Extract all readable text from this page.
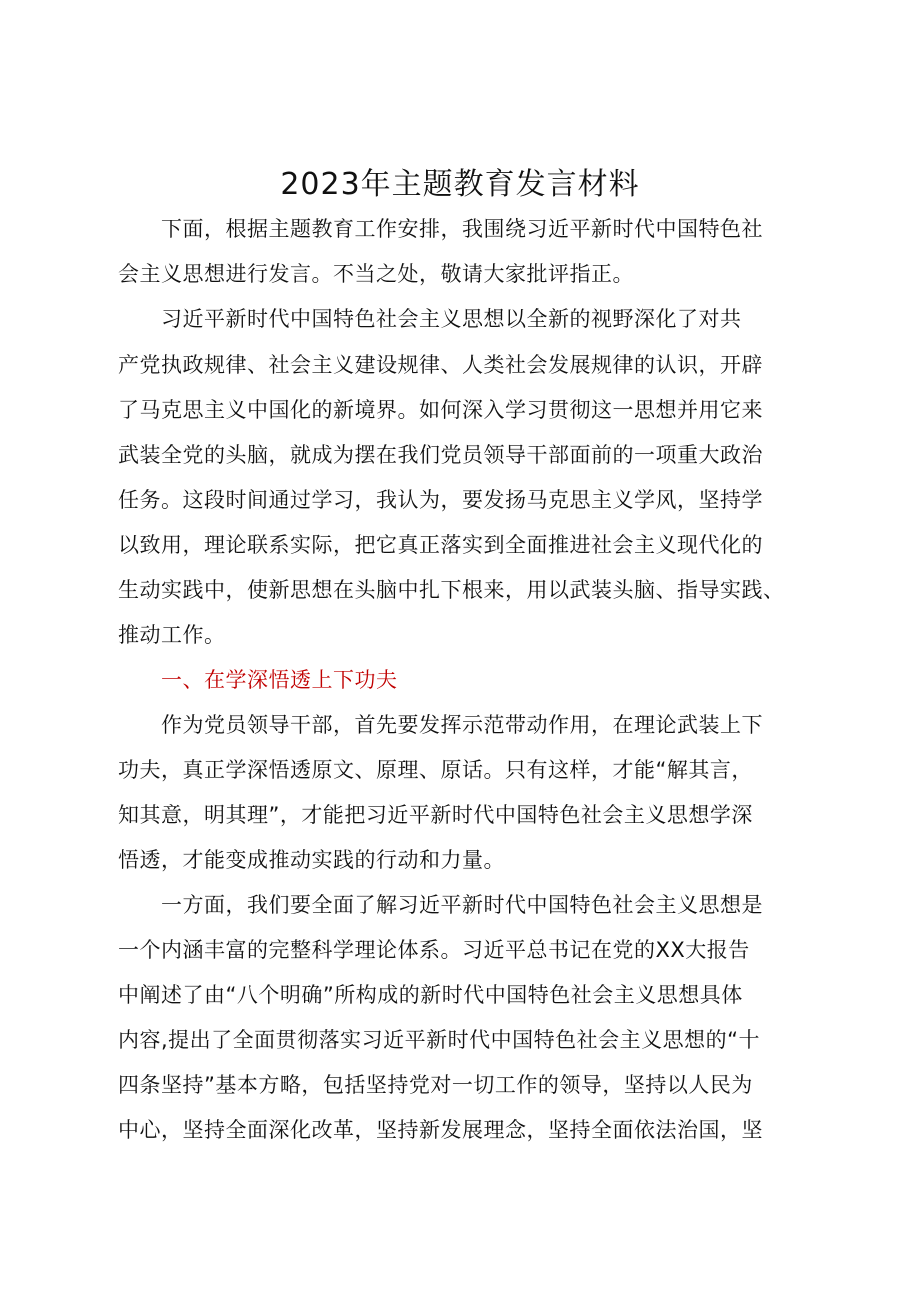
2023年主题教育发言材料
　　下面，根据主题教育工作安排，我围绕习近平新时代中国特色社
会主义思想进行发言。不当之处，敬请大家批评指正。
　　习近平新时代中国特色社会主义思想以全新的视野深化了对共
产党执政规律、社会主义建设规律、人类社会发展规律的认识，开辟
了马克思主义中国化的新境界。如何深入学习贯彻这一思想并用它来
武装全党的头脑，就成为摆在我们党员领导干部面前的一项重大政治
任务。这段时间通过学习，我认为，要发扬马克思主义学风，坚持学
以致用，理论联系实际，把它真正落实到全面推进社会主义现代化的
生动实践中，使新思想在头脑中扎下根来，用以武装头脑、指导实践、
推动工作。
　　一、在学深悟透上下功夫
　　作为党员领导干部，首先要发挥示范带动作用，在理论武装上下
功夫，真正学深悟透原文、原理、原话。只有这样，才能“解其言，
知其意，明其理”，才能把习近平新时代中国特色社会主义思想学深
悟透，才能变成推动实践的行动和力量。
　　一方面，我们要全面了解习近平新时代中国特色社会主义思想是
一个内涵丰富的完整科学理论体系。习近平总书记在党的XX大报告
中阐述了由“八个明确”所构成的新时代中国特色社会主义思想具体
内容,提出了全面贯彻落实习近平新时代中国特色社会主义思想的“十
四条坚持”基本方略，包括坚持党对一切工作的领导，坚持以人民为
中心，坚持全面深化改革，坚持新发展理念，坚持全面依法治国，坚
